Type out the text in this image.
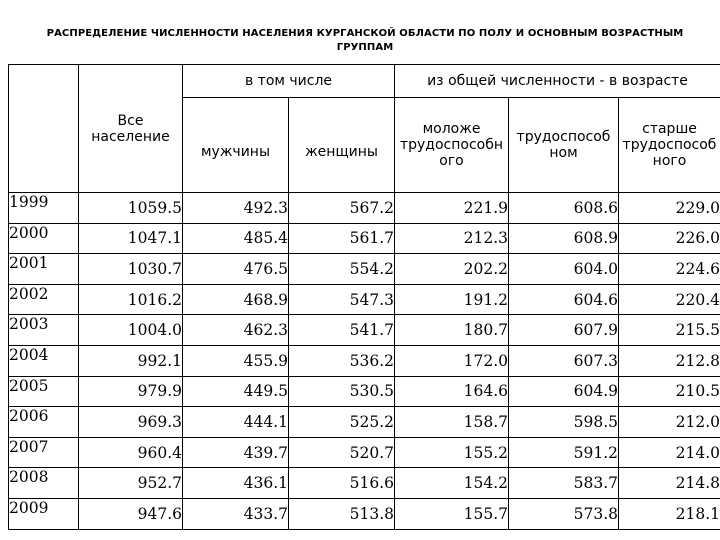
РАСПРЕДЕЛЕНИЕ ЧИСЛЕННОСТИ НАСЕЛЕНИЯ КУРГАНСКОЙ ОБЛАСТИ ПО ПОЛУ И ОСНОВНЫМ ВОЗРАСТНЫМ ГРУППАМ
	Все население	в том числе		из общей численности - в возрасте		
		мужчины	женщины	моложе трудоспособн ого	трудоспособ ном	старше трудоспособ ного
1999	1059.5	492.3	567.2	221.9	608.6	229.0
2000	1047.1	485.4	561.7	212.3	608.9	226.0
2001	1030.7	476.5	554.2	202.2	604.0	224.6
2002	1016.2	468.9	547.3	191.2	604.6	220.4
2003	1004.0	462.3	541.7	180.7	607.9	215.5
2004	992.1	455.9	536.2	172.0	607.3	212.8
2005	979.9	449.5	530.5	164.6	604.9	210.5
2006	969.3	444.1	525.2	158.7	598.5	212.0
2007	960.4	439.7	520.7	155.2	591.2	214.0
2008	952.7	436.1	516.6	154.2	583.7	214.8
2009	947.6	433.7	513.8	155.7	573.8	218.1
